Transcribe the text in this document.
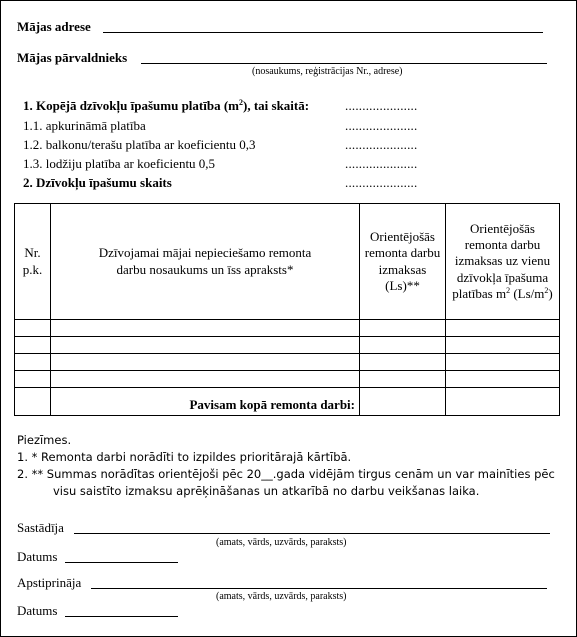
Mājas adrese
Mājas pārvaldnieks
(nosaukums, reģistrācijas Nr., adrese)
1. Kopējā dzīvokļu īpašumu platība $(m^2)$, tai skaitā:	.....................
1.1. apkurināmā platība	.....................
1.2. balkonu/terašu platība ar koeficientu 0,3	.....................
1.3. lodžiju platība ar koeficientu 0,5	.....................
2. Dzīvokļu īpašumu skaits	.....................
Nr. p.k.	Dzīvojamai mājai nepieciešamo remonta darbu nosaukums un īss apraksts*	Orientējošās remonta darbu izmaksas (Ls)**	Orientējošās remonta darbu izmaksas uz vienu dzīvokļa īpašuma platības $m^2$ $(Ls/m^2)$

	Pavisam kopā remonta darbi:		
Piezīmes.
1. * Remonta darbi norādīti to izpildes prioritārajā kārtībā.
2. ** Summas norādītas orientējoši pēc 20__.gada vidējām tirgus cenām un var mainīties pēc
visu saistīto izmaksu aprēķināšanas un atkarībā no darbu veikšanas laika.
Sastādīja
(amats, vārds, uzvārds, paraksts)
Datums
Apstiprināja
(amats, vārds, uzvārds, paraksts)
Datums
